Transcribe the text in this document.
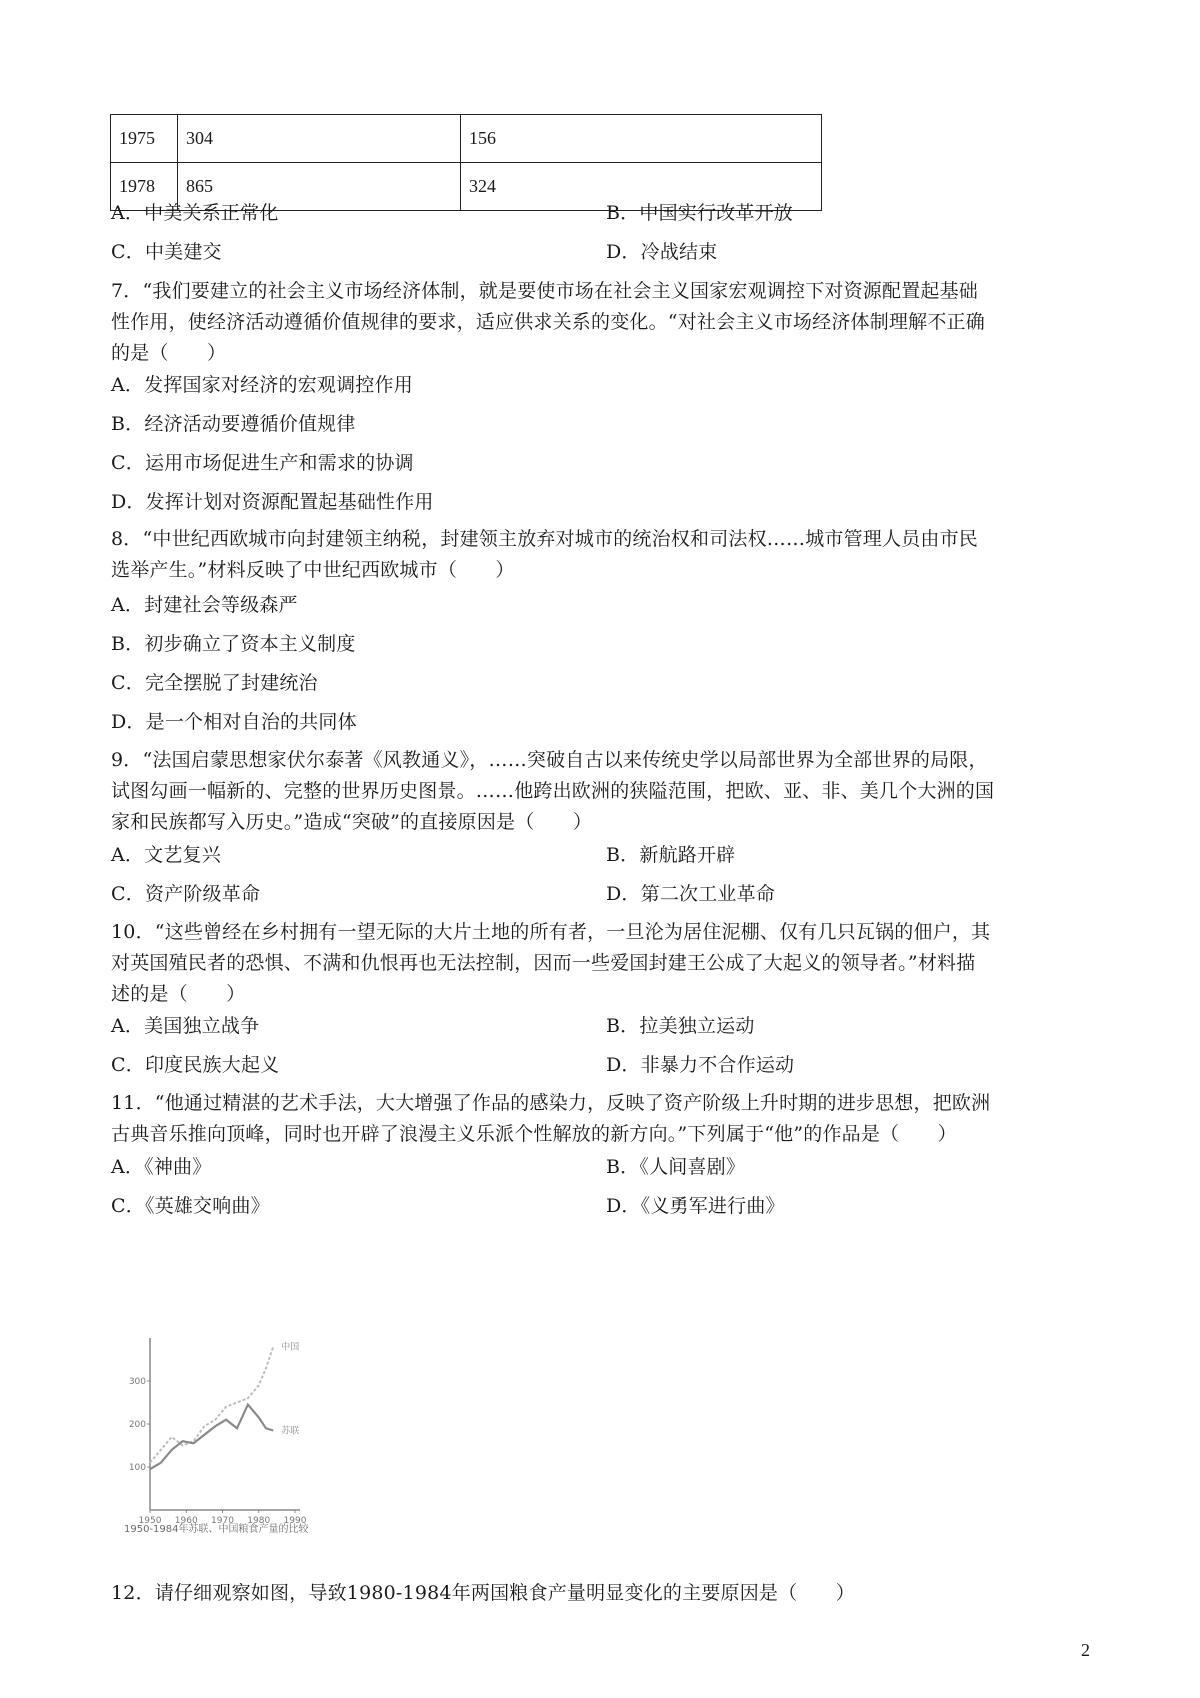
1975	304	156
1978	865	324
A．中美关系正常化	B．中国实行改革开放
C．中美建交	D．冷战结束
7．“我们要建立的社会主义市场经济体制，就是要使市场在社会主义国家宏观调控下对资源配置起基础
性作用，使经济活动遵循价值规律的要求，适应供求关系的变化。“对社会主义市场经济体制理解不正确
的是（　　）
A．发挥国家对经济的宏观调控作用
B．经济活动要遵循价值规律
C．运用市场促进生产和需求的协调
D．发挥计划对资源配置起基础性作用
8．“中世纪西欧城市向封建领主纳税，封建领主放弃对城市的统治权和司法权……城市管理人员由市民
选举产生。”材料反映了中世纪西欧城市（　　）
A．封建社会等级森严
B．初步确立了资本主义制度
C．完全摆脱了封建统治
D．是一个相对自治的共同体
9．“法国启蒙思想家伏尔泰著《风教通义》，……突破自古以来传统史学以局部世界为全部世界的局限，
试图勾画一幅新的、完整的世界历史图景。……他跨出欧洲的狭隘范围，把欧、亚、非、美几个大洲的国
家和民族都写入历史。”造成“突破”的直接原因是（　　）
A．文艺复兴	B．新航路开辟
C．资产阶级革命	D．第二次工业革命
10．“这些曾经在乡村拥有一望无际的大片土地的所有者，一旦沦为居住泥棚、仅有几只瓦锅的佃户，其
对英国殖民者的恐惧、不满和仇恨再也无法控制，因而一些爱国封建王公成了大起义的领导者。”材料描
述的是（　　）
A．美国独立战争	B．拉美独立运动
C．印度民族大起义	D．非暴力不合作运动
11．“他通过精湛的艺术手法，大大增强了作品的感染力，反映了资产阶级上升时期的进步思想，把欧洲
古典音乐推向顶峰，同时也开辟了浪漫主义乐派个性解放的新方向。”下列属于“他”的作品是（　　）
A．《神曲》	B．《人间喜剧》
C．《英雄交响曲》	D．《义勇军进行曲》
300
200
100
1950 1960 1970 1980 1990
中国
苏联
1950-1984年苏联、中国粮食产量的比较
12．请仔细观察如图，导致1980-1984年两国粮食产量明显变化的主要原因是（　　）
2
